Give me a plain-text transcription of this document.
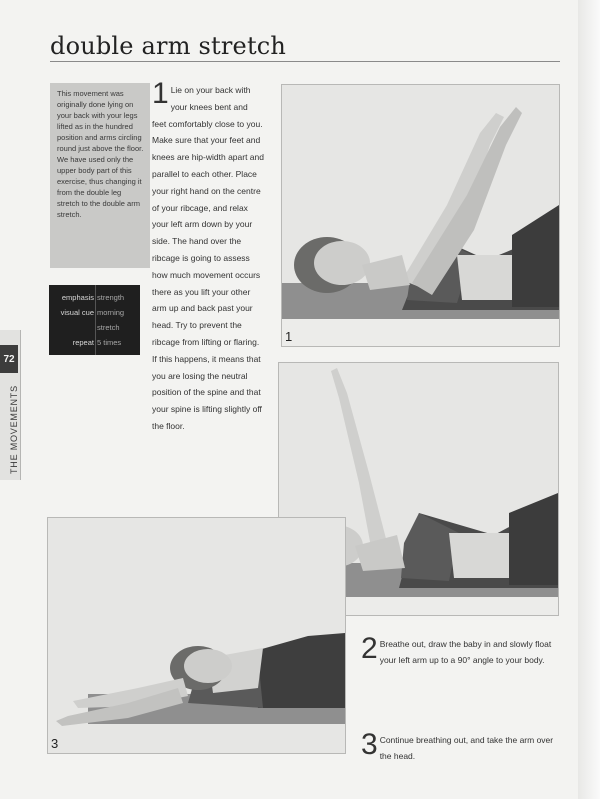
double arm stretch
This movement was originally done lying on your back with your legs lifted as in the hundred position and arms circling round just above the floor. We have used only the upper body part of this exercise, thus changing it from the double leg stretch to the double arm stretch.
emphasis strength
visual cue morning
stretch
repeat 5 times
72
THE MOVEMENTS
1 Lie on your back with your knees bent and feet comfortably close to you. Make sure that your feet and knees are hip-width apart and parallel to each other. Place your right hand on the centre of your ribcage, and relax your left arm down by your side. The hand over the ribcage is going to assess how much movement occurs there as you lift your other arm up and back past your head. Try to prevent the ribcage from lifting or flaring. If this happens, it means that you are losing the neutral position of the spine and that your spine is lifting slightly off the floor.
1
3
2 Breathe out, draw the baby in and slowly float your left arm up to a 90° angle to your body.
3 Continue breathing out, and take the arm over the head.
